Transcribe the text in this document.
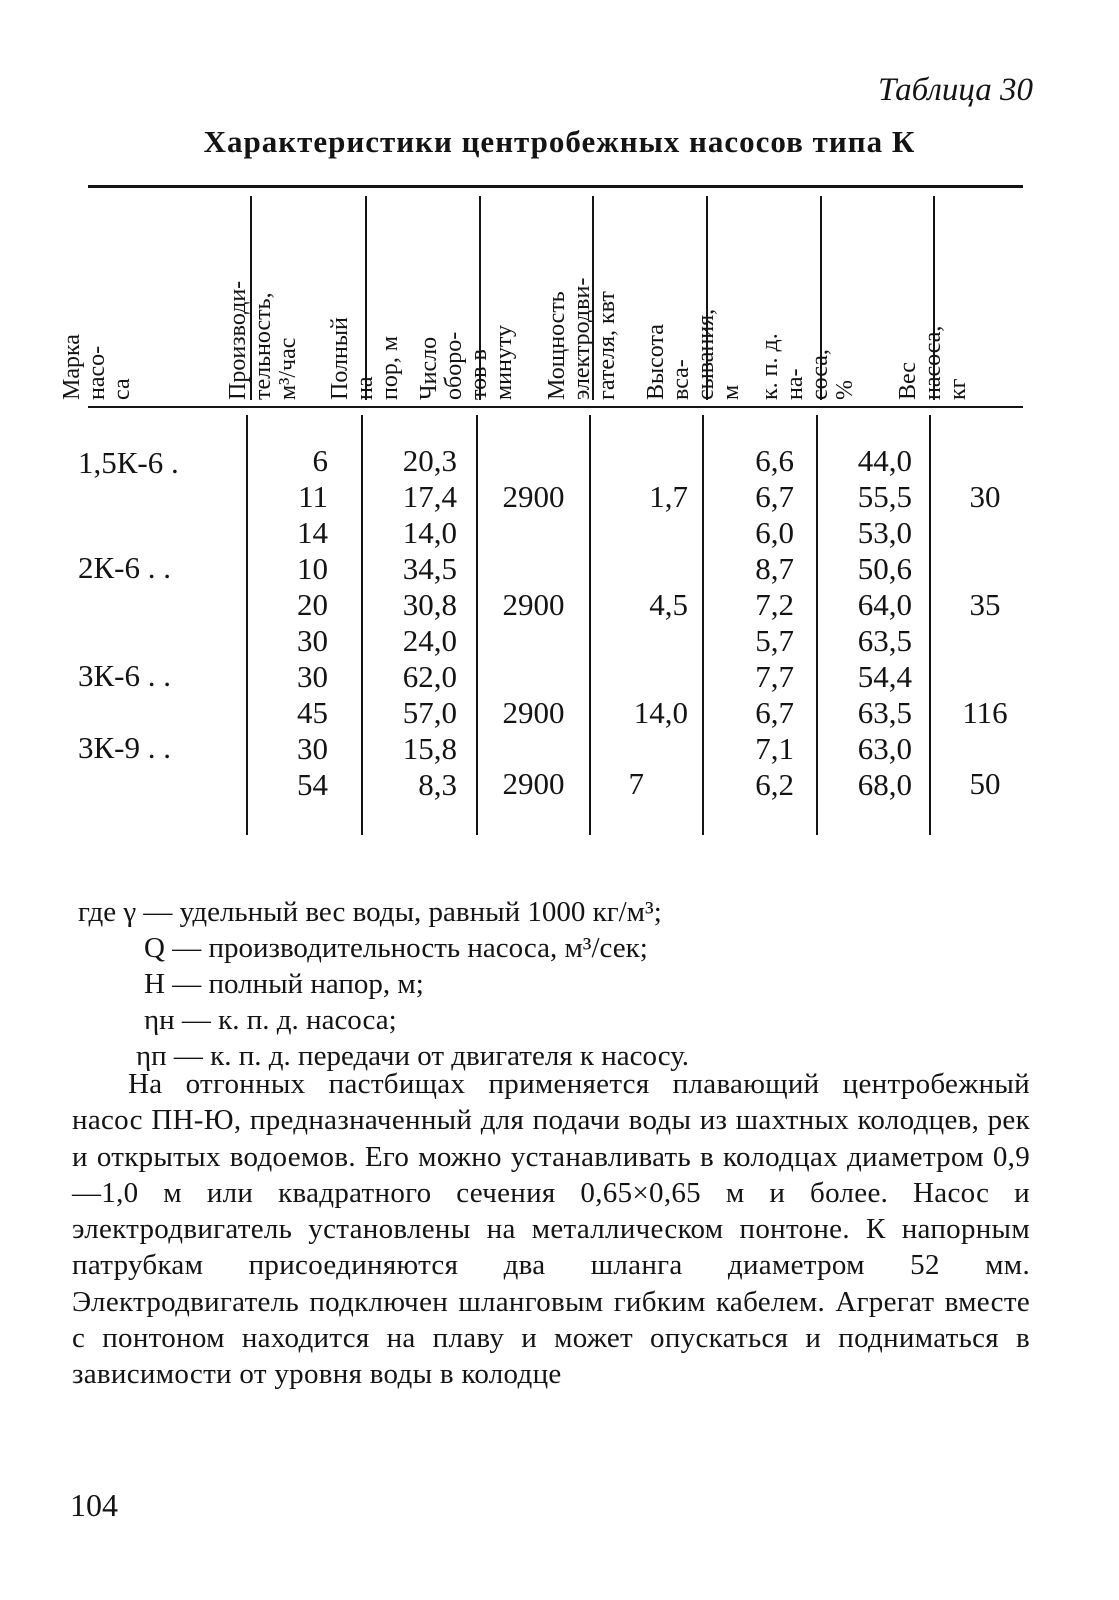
Таблица 30
Характеристики центробежных насосов типа К
Марка насо-
са	Производи-
тельность,
м³/час Полный на-
пор, м Число оборо-
тов в минуту Мощность
электродви-
гателя, квт
Высота вса-
сывания, м к. п. д. на-
соса, % Вес насоса, кг
1,5К-6 .
2К-6 . .
3К-6 . .
3К-9 . .
6
11
14
10
20
30
30
45
30
54
20,3
17,4
14,0
34,5
30,8
24,0
62,0
57,0
15,8
8,3
6,6
6,7
6,0
8,7
7,2
5,7
7,7
6,7
7,1
6,2
44,0
55,5
53,0
50,6
64,0
63,5
54,4
63,5
63,0
68,0
2900
2900
2900
2900
1,7
4,5
14,0
7
30
35
116
50
где γ — удельный вес воды, равный 1000 кг/м³;
Q — производительность насоса, м³/сек;
H — полный напор, м;
ηн — к. п. д. насоса;
ηп — к. п. д. передачи от двигателя к насосу.
На отгонных пастбищах применяется плавающий центробежный насос ПН-Ю, предназначенный для подачи воды из шахтных колодцев, рек и открытых водоемов. Его можно устанавливать в колодцах диаметром 0,9—1,0 м или квадратного сечения 0,65×0,65 м и более. Насос и электродвигатель установлены на металлическом понтоне. К напорным патрубкам присоединяются два шланга диаметром 52 мм. Электродвигатель подключен шланговым гибким кабелем. Агрегат вместе с понтоном находится на плаву и может опускаться и подниматься в зависимости от уровня воды в колодце
104
